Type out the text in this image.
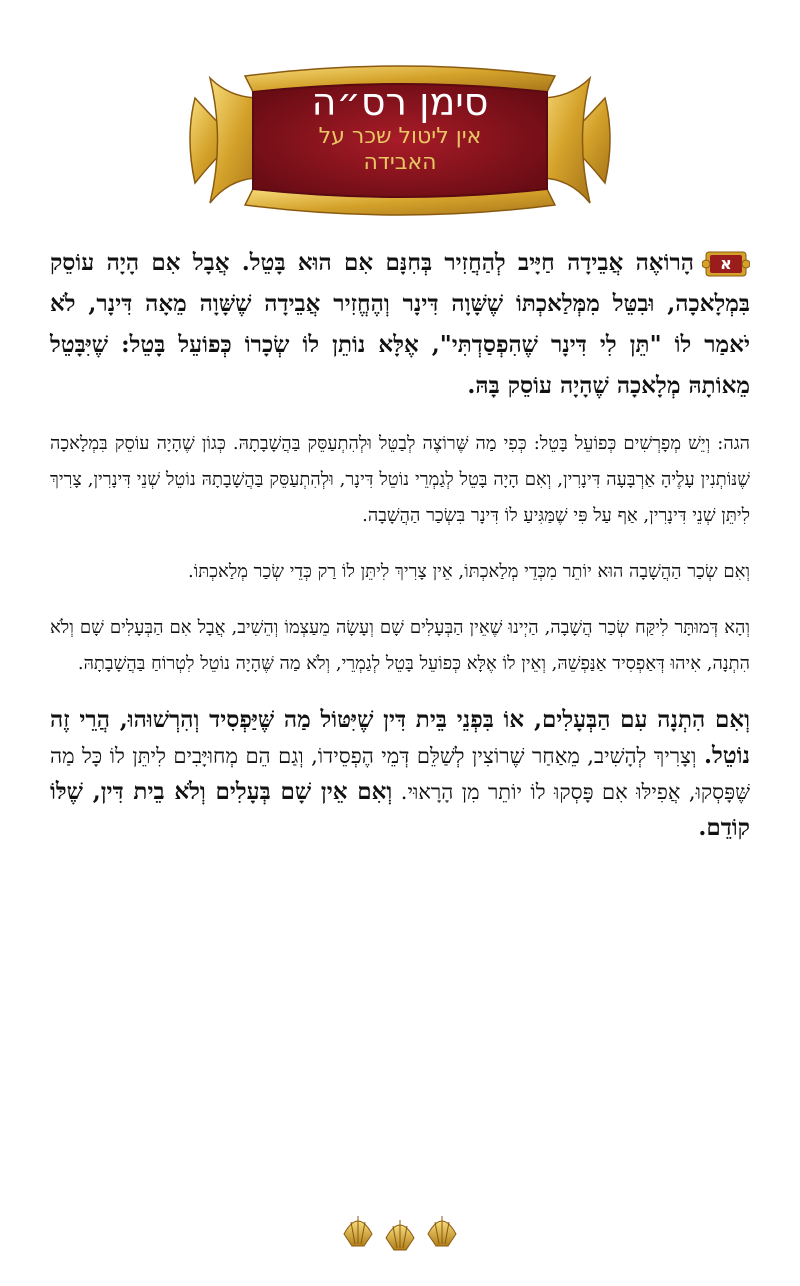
סימן רס״ה
אין ליטול שכר על
האבידה

א
הָרוֹאֶה אֲבֵידָה חַיָּיב לְהַחֲזִיר בְּחִנָּם אִם הוּא בָּטֵל. אֲבָל אִם הָיָה עוֹסֵק בִּמְלָאכָה, וּבִטֵּל מִמְּלַאכְתּוֹ שֶׁשָּׁוָה דִּינָר וְהֶחֱזִיר אֲבֵידָה שֶׁשָּׁוָה מֵאָה דִּינָר, לֹא יֹאמַר לוֹ "תֵּן לִי דִּינָר שֶׁהִפְסַדְתִּי", אֶלָּא נוֹתֵן לוֹ שְׂכָרוֹ כְּפוֹעֵל בָּטֵל: שֶׁיִּבָּטֵל מֵאוֹתָהּ מְלָאכָה שֶׁהָיָה עוֹסֵק בָּהּ.

הגה: וְיֵשׁ מְפָרְשִׁים כְּפוֹעֵל בָּטֵל: כְּפִי מַה שֶּׁרוֹצֶה לְבַטֵּל וּלְהִתְעַסֵּק בַּהֲשָׁבָתָהּ. כְּגוֹן שֶׁהָיָה עוֹסֵק בִּמְלָאכָה שֶׁנּוֹתְנִין עָלֶיהָ אַרְבָּעָה דִּינָרִין, וְאִם הָיָה בָּטֵל לְגַמְרֵי נוֹטֵל דִּינָר, וּלְהִתְעַסֵּק בַּהֲשָׁבָתָהּ נוֹטֵל שְׁנֵי דִּינָרִין, צָרִיךְ לִיתֵּן שְׁנֵי דִּינָרִין, אַף עַל פִּי שֶׁמַּגִּיעַ לוֹ דִּינָר בִּשְׂכַר הַהֲשָׁבָה.

וְאִם שְׂכַר הַהֲשָׁבָה הוּא יוֹתֵר מִכְּדֵי מְלַאכְתּוֹ, אֵין צָרִיךְ לִיתֵּן לוֹ רַק כְּדֵי שְׂכַר מְלַאכְתּוֹ.

וְהָא דְּמוּתָּר לִיקַּח שְׂכַר הֲשָׁבָה, הַיְינוּ שֶׁאֵין הַבְּעָלִים שָׁם וְעָשָׂה מֵעַצְמוֹ וְהֵשִׁיב, אֲבָל אִם הַבְּעָלִים שָׁם וְלֹא הִתְנָה, אִיהוּ דְּאַפְסִיד אַנַּפְשֵׁהּ, וְאֵין לוֹ אֶלָּא כְּפוֹעֵל בָּטֵל לְגַמְרֵי, וְלֹא מַה שֶּׁהָיָה נוֹטֵל לִטְרוֹחַ בַּהֲשָׁבָתָהּ.

וְאִם הִתְנָה עִם הַבְּעָלִים, אוֹ בִּפְנֵי בֵּית דִּין שֶׁיִּטּוֹל מַה שֶּׁיַּפְסִיד וְהִרְשׁוּהוּ, הֲרֵי זֶה נוֹטֵל. וְצָרִיךְ לְהָשִׁיב, מֵאַחַר שֶׁרוֹצִין לְשַׁלֵּם דְּמֵי הֶפְסֵידוֹ, וְגַם הֵם מְחוּיָּבִים לִיתֵּן לוֹ כָּל מַה שֶּׁפָּסְקוּ, אֲפִילּוּ אִם פָּסְקוּ לוֹ יוֹתֵר מִן הָרָאוּי. וְאִם אֵין שָׁם בְּעָלִים וְלֹא בֵית דִּין, שֶׁלּוֹ קוֹדֵם.
